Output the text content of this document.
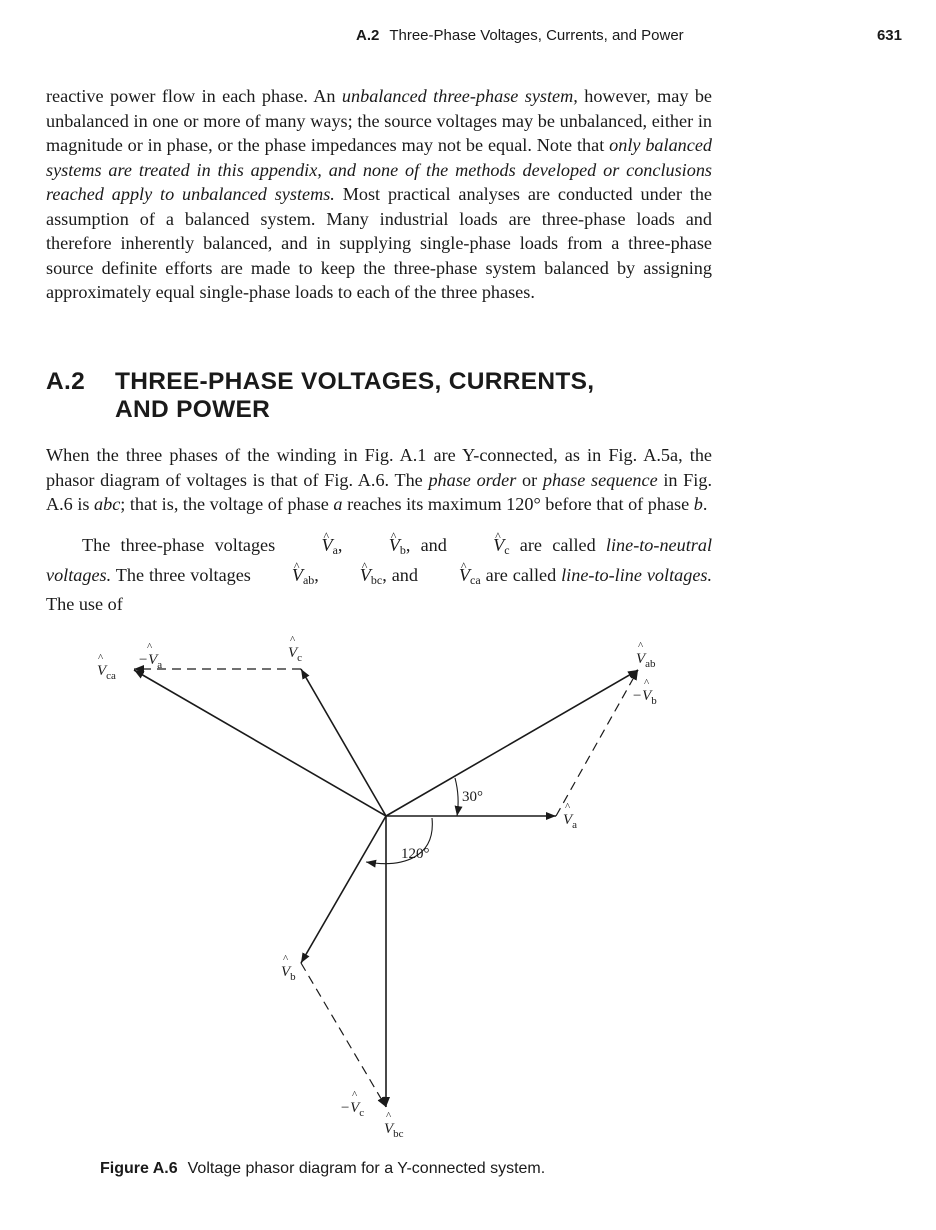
A.2 Three-Phase Voltages, Currents, and Power	631

reactive power flow in each phase. An unbalanced three-phase system, however, may be unbalanced in one or more of many ways; the source voltages may be unbalanced, either in magnitude or in phase, or the phase impedances may not be equal. Note that only balanced systems are treated in this appendix, and none of the methods developed or conclusions reached apply to unbalanced systems. Most practical analyses are conducted under the assumption of a balanced system. Many industrial loads are three-phase loads and therefore inherently balanced, and in supplying single-phase loads from a three-phase source definite efforts are made to keep the three-phase system balanced by assigning approximately equal single-phase loads to each of the three phases.

A.2 THREE-PHASE VOLTAGES, CURRENTS,
AND POWER

When the three phases of the winding in Fig. A.1 are Y-connected, as in Fig. A.5a, the phasor diagram of voltages is that of Fig. A.6. The phase order or phase sequence in Fig. A.6 is abc; that is, the voltage of phase a reaches its maximum 120° before that of phase b.

The three-phase voltages ^ $V_a$, ^ $V_b$, and ^ $V_c$ are called line-to-neutral voltages. The three voltages ^ $V_{ab}$, ^ $V_{bc}$, and ^ $V_{ca}$ are called line-to-line voltages. The use of

$-V_a$
^
$V_{ca}$
^	$V_c$
^
$V_{ab}$
^
$-V_b$
^
$V_a$
^
$V_b$
^
$-V_c$
^
$V_{bc}$
^
30°
120°

Figure A.6 Voltage phasor diagram for a Y-connected system.
